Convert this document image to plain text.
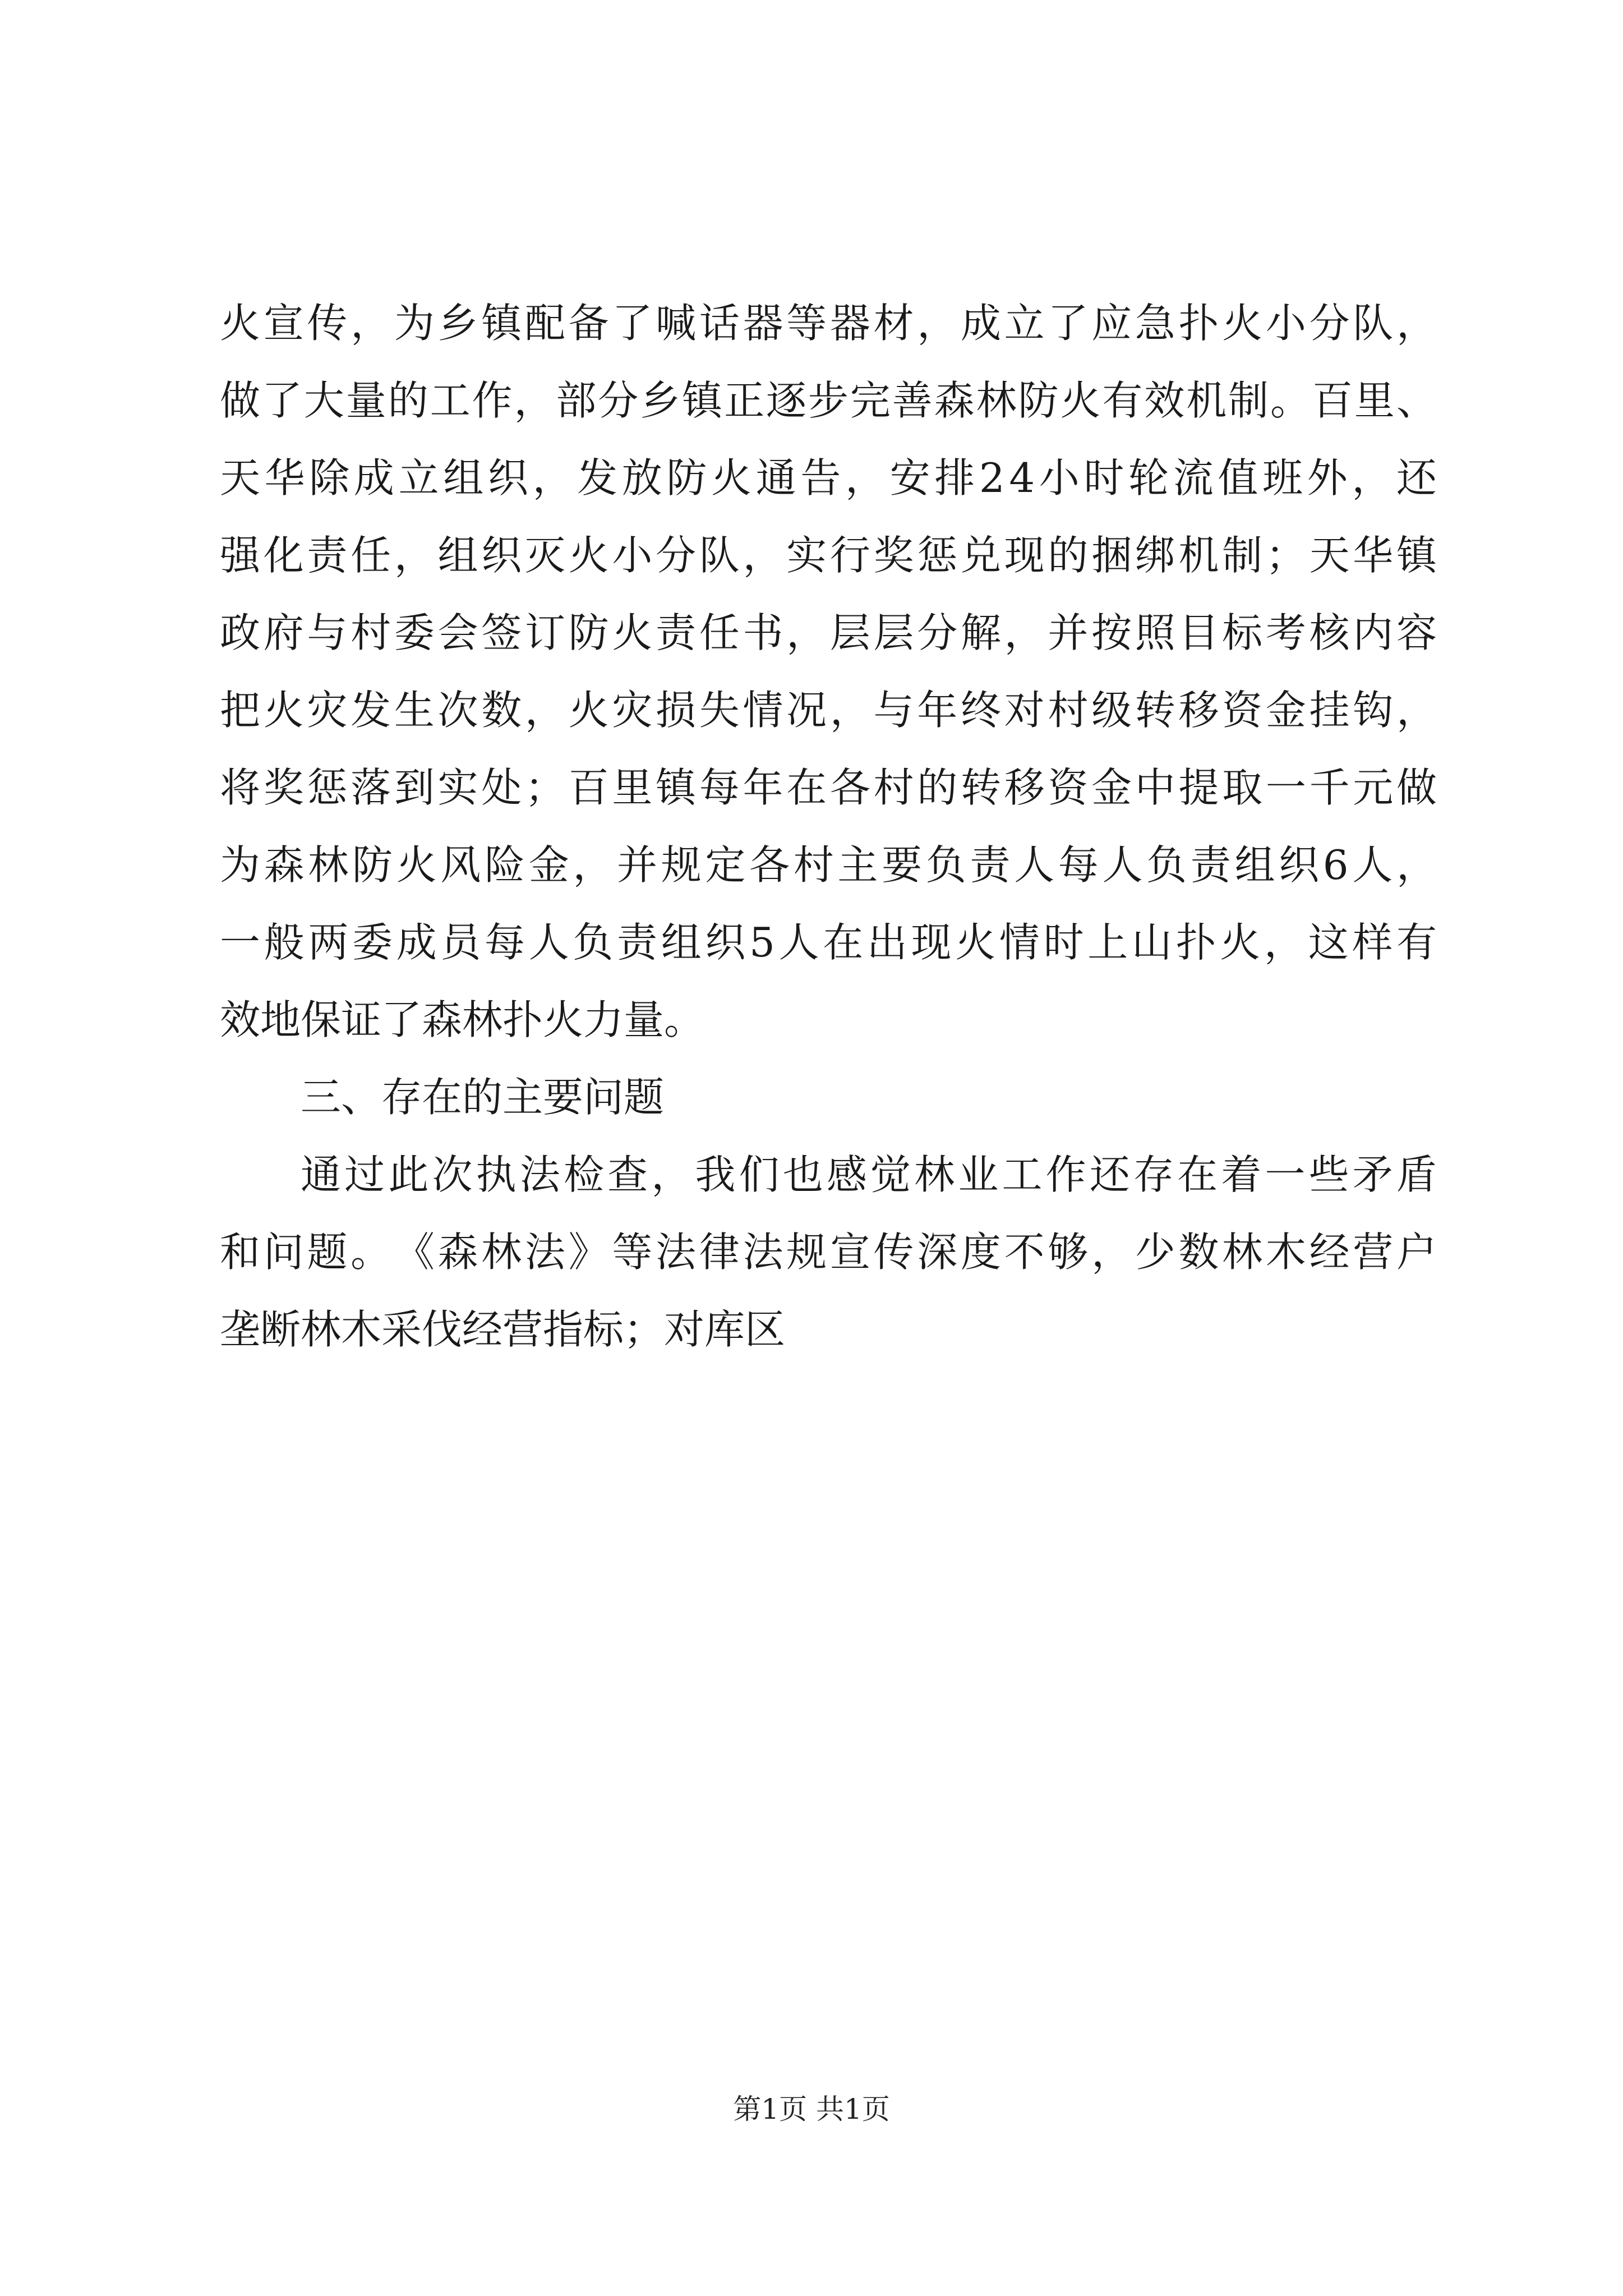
火 宣 传 ， 为 乡 镇 配 备 了 喊 话 器 等 器 材 ， 成 立 了 应 急 扑 火 小 分 队 ，
做 了 大 量 的 工 作 ， 部 分 乡 镇 正 逐 步 完 善 森 林 防 火 有 效 机 制 。 百 里 、
天 华 除 成 立 组 织 ， 发 放 防 火 通 告 ， 安 排 2 4 小 时 轮 流 值 班 外 ， 还
强 化 责 任 ， 组 织 灭 火 小 分 队 ， 实 行 奖 惩 兑 现 的 捆 绑 机 制 ； 天 华 镇
政 府 与 村 委 会 签 订 防 火 责 任 书 ， 层 层 分 解 ， 并 按 照 目 标 考 核 内 容
把 火 灾 发 生 次 数 ， 火 灾 损 失 情 况 ， 与 年 终 对 村 级 转 移 资 金 挂 钩 ，
将 奖 惩 落 到 实 处 ； 百 里 镇 每 年 在 各 村 的 转 移 资 金 中 提 取 一 千 元 做
为 森 林 防 火 风 险 金 ， 并 规 定 各 村 主 要 负 责 人 每 人 负 责 组 织 6 人 ，
一 般 两 委 成 员 每 人 负 责 组 织 5 人 在 出 现 火 情 时 上 山 扑 火 ， 这 样 有
效地保证了森林扑火力量。
三、存在的主要问题
通 过 此 次 执 法 检 查 ， 我 们 也 感 觉 林 业 工 作 还 存 在 着 一 些 矛 盾
和 问 题 。 《 森 林 法 》 等 法 律 法 规 宣 传 深 度 不 够 ， 少 数 林 木 经 营 户
垄断林木采伐经营指标；对库区
第1页 共1页
